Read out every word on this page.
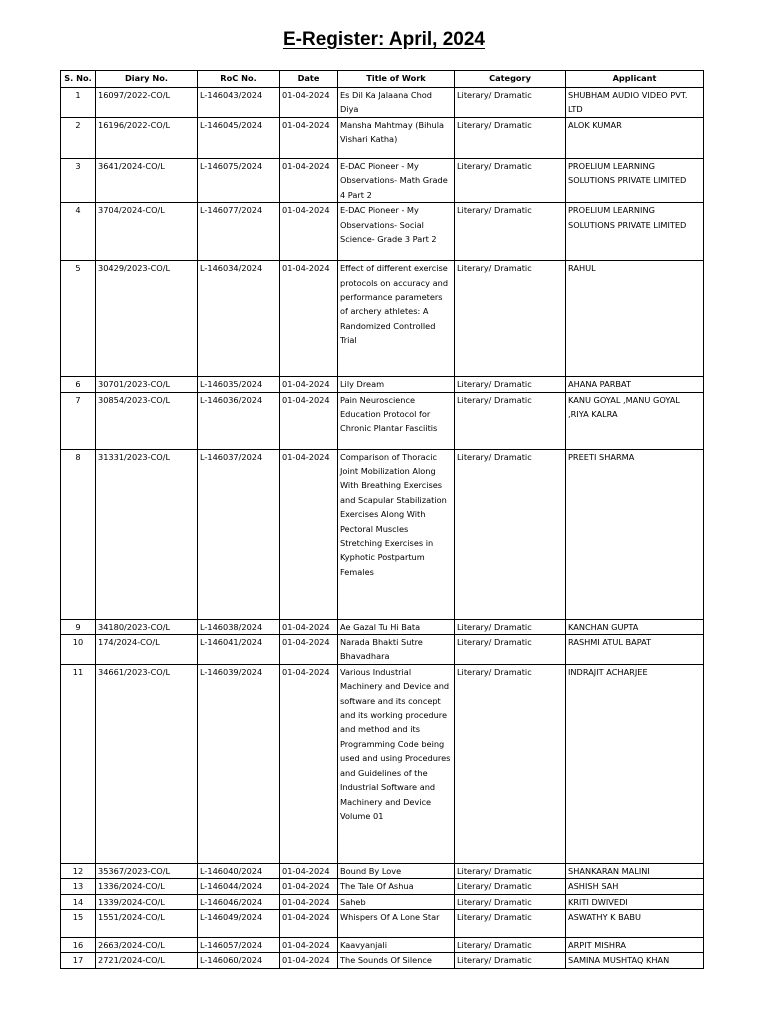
E-Register: April, 2024
S. No.	Diary No.	RoC No.	Date	Title of Work	Category	Applicant
1	16097/2022-CO/L	L-146043/2024	01-04-2024	Es Dil Ka Jalaana Chod Diya	Literary/ Dramatic	SHUBHAM AUDIO VIDEO PVT. LTD
2	16196/2022-CO/L	L-146045/2024	01-04-2024	Mansha Mahtmay (Bihula Vishari Katha)	Literary/ Dramatic	ALOK KUMAR
3	3641/2024-CO/L	L-146075/2024	01-04-2024	E-DAC Pioneer - My Observations- Math Grade 4 Part 2	Literary/ Dramatic	PROELIUM LEARNING SOLUTIONS PRIVATE LIMITED
4	3704/2024-CO/L	L-146077/2024	01-04-2024	E-DAC Pioneer - My Observations- Social Science- Grade 3 Part 2	Literary/ Dramatic	PROELIUM LEARNING SOLUTIONS PRIVATE LIMITED
5	30429/2023-CO/L	L-146034/2024	01-04-2024	Effect of different exercise protocols on accuracy and performance parameters of archery athletes: A Randomized Controlled Trial	Literary/ Dramatic	RAHUL
6	30701/2023-CO/L	L-146035/2024	01-04-2024	Lily Dream	Literary/ Dramatic	AHANA PARBAT
7	30854/2023-CO/L	L-146036/2024	01-04-2024	Pain Neuroscience Education Protocol for Chronic Plantar Fasciitis	Literary/ Dramatic	KANU GOYAL ,MANU GOYAL ,RIYA KALRA
8	31331/2023-CO/L	L-146037/2024	01-04-2024	Comparison of Thoracic Joint Mobilization Along With Breathing Exercises and Scapular Stabilization Exercises Along With Pectoral Muscles Stretching Exercises in Kyphotic Postpartum Females	Literary/ Dramatic	PREETI SHARMA
9	34180/2023-CO/L	L-146038/2024	01-04-2024	Ae Gazal Tu Hi Bata	Literary/ Dramatic	KANCHAN GUPTA
10	174/2024-CO/L	L-146041/2024	01-04-2024	Narada Bhakti Sutre Bhavadhara	Literary/ Dramatic	RASHMI ATUL BAPAT
11	34661/2023-CO/L	L-146039/2024	01-04-2024	Various Industrial Machinery and Device and software and its concept and its working procedure and method and its Programming Code being used and using Procedures and Guidelines of the Industrial Software and Machinery and Device Volume 01	Literary/ Dramatic	INDRAJIT ACHARJEE
12	35367/2023-CO/L	L-146040/2024	01-04-2024	Bound By Love	Literary/ Dramatic	SHANKARAN MALINI
13	1336/2024-CO/L	L-146044/2024	01-04-2024	The Tale Of Ashua	Literary/ Dramatic	ASHISH SAH
14	1339/2024-CO/L	L-146046/2024	01-04-2024	Saheb	Literary/ Dramatic	KRITI DWIVEDI
15	1551/2024-CO/L	L-146049/2024	01-04-2024	Whispers Of A Lone Star	Literary/ Dramatic	ASWATHY K BABU
16	2663/2024-CO/L	L-146057/2024	01-04-2024	Kaavyanjali	Literary/ Dramatic	ARPIT MISHRA
17	2721/2024-CO/L	L-146060/2024	01-04-2024	The Sounds Of Silence	Literary/ Dramatic	SAMINA MUSHTAQ KHAN
